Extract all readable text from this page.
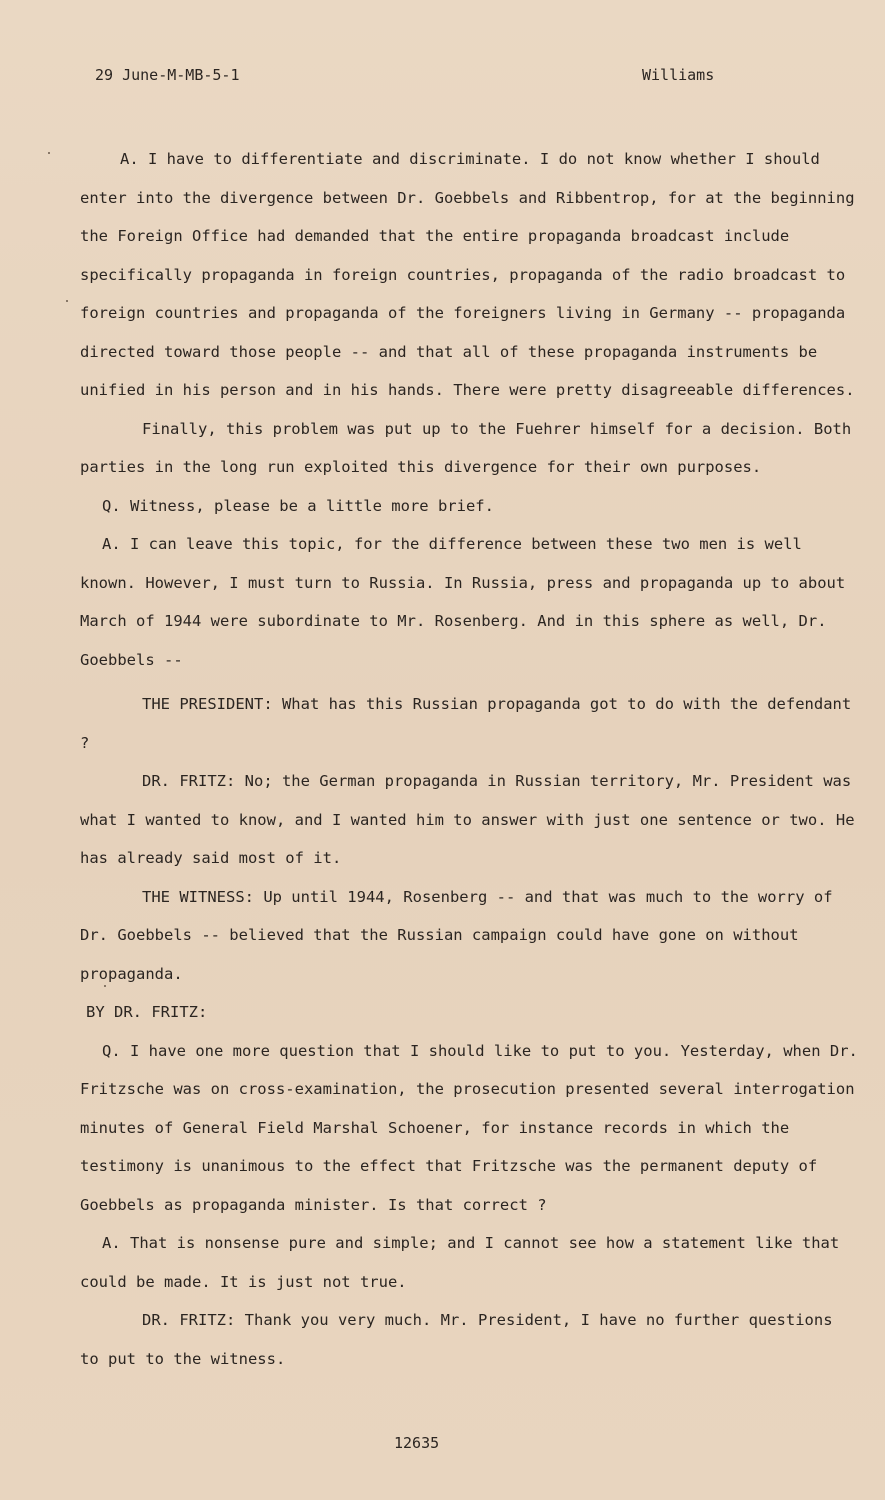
29 June-M-MB-5-1	Williams

A. I have to differentiate and discriminate. I do not know whether I should enter into the divergence between Dr. Goebbels and Ribbentrop, for at the beginning the Foreign Office had demanded that the entire propaganda broadcast include specifically propaganda in foreign countries, propaganda of the radio broadcast to foreign countries and propaganda of the foreigners living in Germany -- propaganda directed toward those people -- and that all of these propaganda instruments be unified in his person and in his hands. There were pretty disagreeable differences.

Finally, this problem was put up to the Fuehrer himself for a decision. Both parties in the long run exploited this divergence for their own purposes.

Q. Witness, please be a little more brief.

A. I can leave this topic, for the difference between these two men is well known. However, I must turn to Russia. In Russia, press and propaganda up to about March of 1944 were subordinate to Mr. Rosenberg. And in this sphere as well, Dr. Goebbels --

THE PRESIDENT: What has this Russian propaganda got to do with the defendant ?

DR. FRITZ: No; the German propaganda in Russian territory, Mr. President was what I wanted to know, and I wanted him to answer with just one sentence or two. He has already said most of it.

THE WITNESS: Up until 1944, Rosenberg -- and that was much to the worry of Dr. Goebbels -- believed that the Russian campaign could have gone on without propaganda.

BY DR. FRITZ:

Q. I have one more question that I should like to put to you. Yesterday, when Dr. Fritzsche was on cross-examination, the prosecution presented several interrogation minutes of General Field Marshal Schoener, for instance records in which the testimony is unanimous to the effect that Fritzsche was the permanent deputy of Goebbels as propaganda minister. Is that correct ?

A. That is nonsense pure and simple; and I cannot see how a statement like that could be made. It is just not true.

DR. FRITZ: Thank you very much. Mr. President, I have no further questions to put to the witness.

12635
